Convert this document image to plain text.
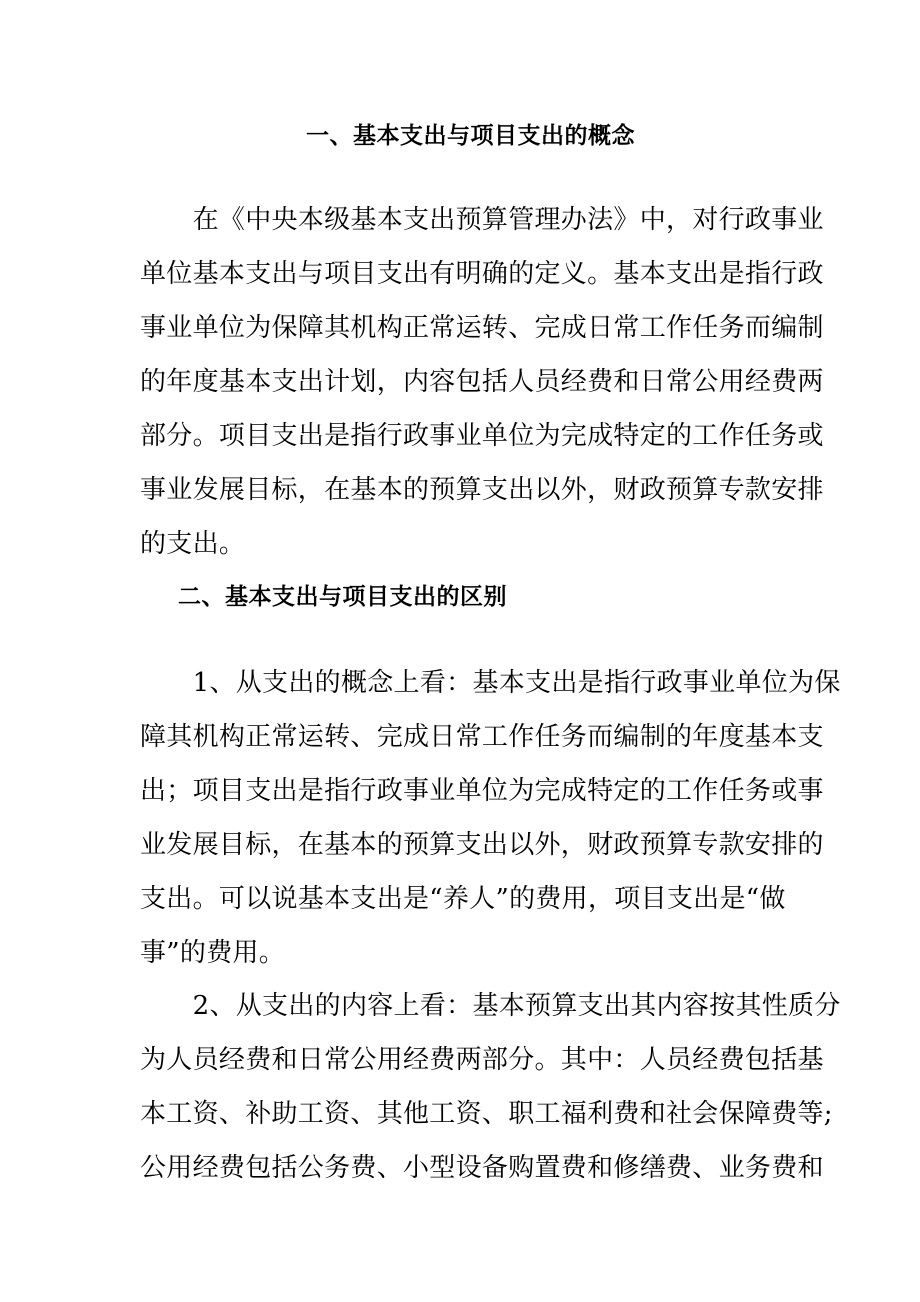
一、基本支出与项目支出的概念
　　在《中央本级基本支出预算管理办法》中，对行政事业
单位基本支出与项目支出有明确的定义。基本支出是指行政
事业单位为保障其机构正常运转、完成日常工作任务而编制
的年度基本支出计划，内容包括人员经费和日常公用经费两
部分。项目支出是指行政事业单位为完成特定的工作任务或
事业发展目标，在基本的预算支出以外，财政预算专款安排
的支出。
二、基本支出与项目支出的区别
　　1、从支出的概念上看：基本支出是指行政事业单位为保
障其机构正常运转、完成日常工作任务而编制的年度基本支
出；项目支出是指行政事业单位为完成特定的工作任务或事
业发展目标，在基本的预算支出以外，财政预算专款安排的
支出。可以说基本支出是“养人”的费用，项目支出是“做
事”的费用。
　　2、从支出的内容上看：基本预算支出其内容按其性质分
为人员经费和日常公用经费两部分。其中：人员经费包括基
本工资、补助工资、其他工资、职工福利费和社会保障费等;
公用经费包括公务费、小型设备购置费和修缮费、业务费和
